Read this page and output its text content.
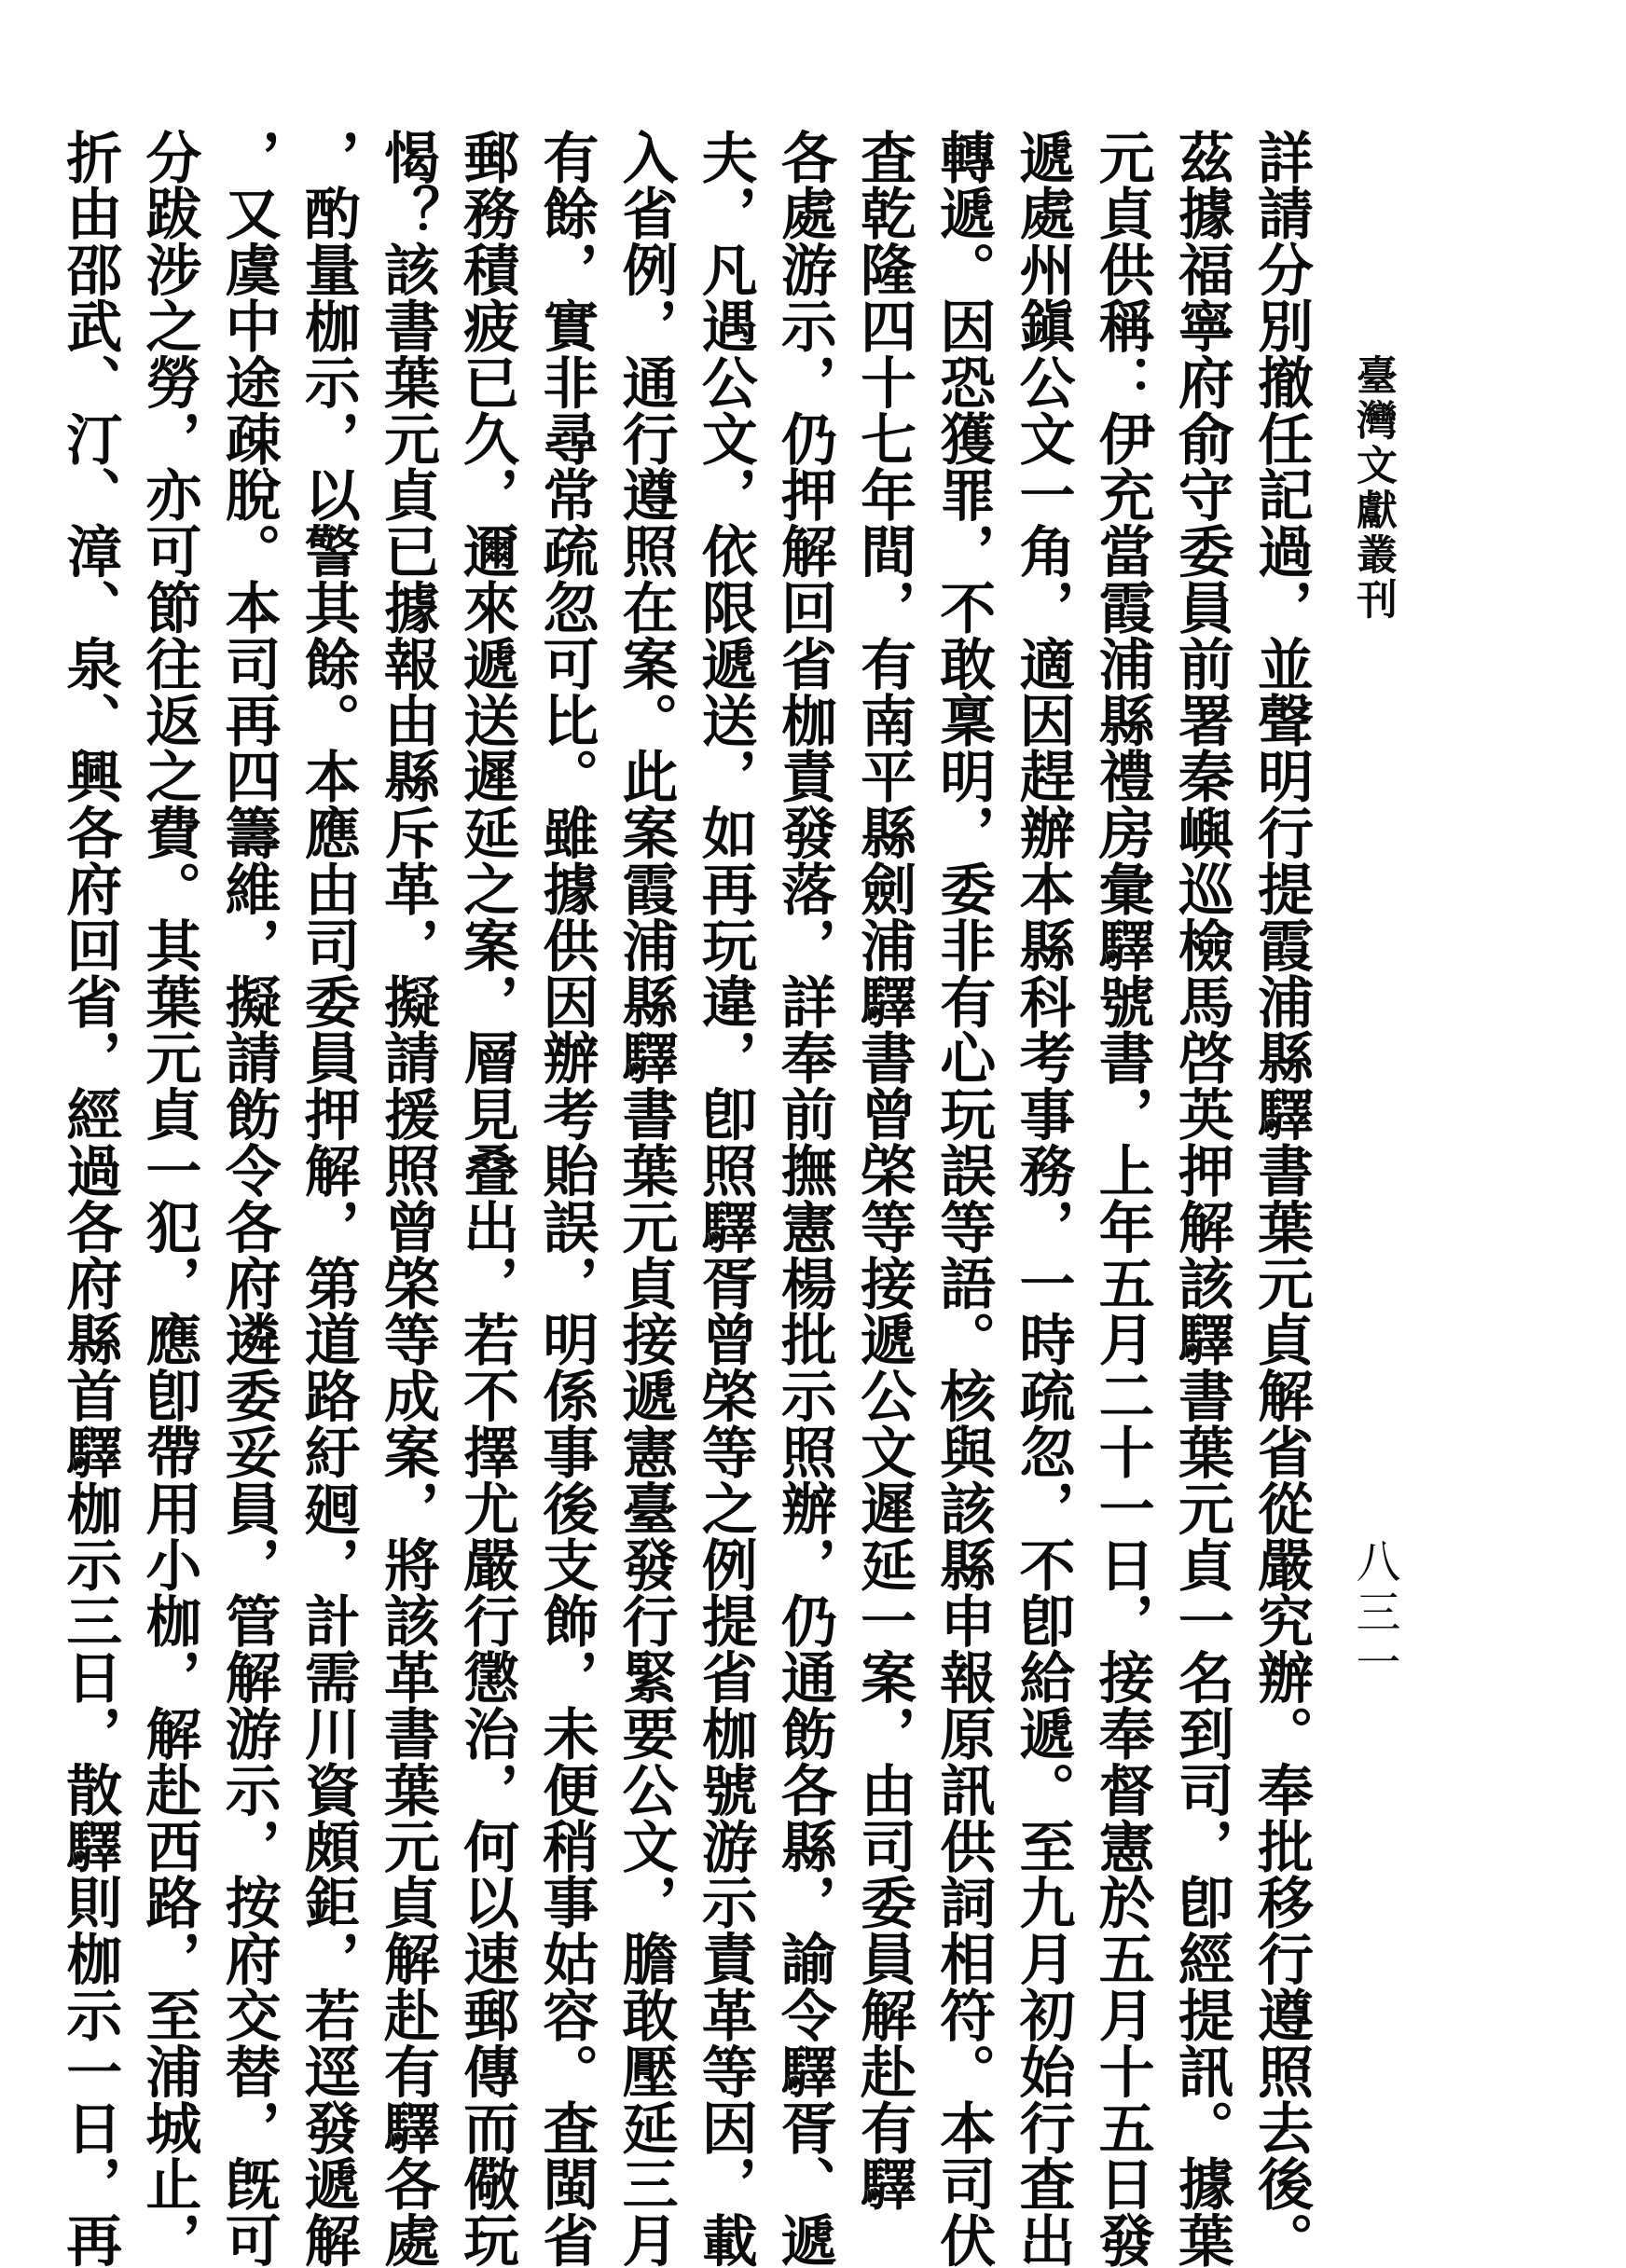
臺灣文獻叢刊
八三一
詳請分別撤任記過，並聲明行提霞浦縣驛書葉元貞解省從嚴究辦。奉批移行遵照去後。
茲據福寧府俞守委員前署秦嶼巡檢馬啓英押解該驛書葉元貞一名到司，卽經提訊。據葉
元貞供稱：伊充當霞浦縣禮房彙驛號書，上年五月二十一日，接奉督憲於五月十五日發
遞處州鎭公文一角，適因趕辦本縣科考事務，一時疏忽，不卽給遞。至九月初始行査出
轉遞。因恐獲罪，不敢稟明，委非有心玩誤等語。核與該縣申報原訊供詞相符。本司伏
査乾隆四十七年間，有南平縣劍浦驛書曾棨等接遞公文遲延一案，由司委員解赴有驛
各處游示，仍押解回省枷責發落，詳奉前撫憲楊批示照辦，仍通飭各縣，諭令驛胥、遞
夫，凡遇公文，依限遞送，如再玩違，卽照驛胥曾棨等之例提省枷號游示責革等因，載
入省例，通行遵照在案。此案霞浦縣驛書葉元貞接遞憲臺發行緊要公文，膽敢壓延三月
有餘，實非尋常疏忽可比。雖據供因辦考貽誤，明係事後支飾，未便稍事姑容。査閩省
郵務積疲已久，邇來遞送遲延之案，層見叠出，若不擇尤嚴行懲治，何以速郵傳而儆玩
愒？該書葉元貞已據報由縣斥革，擬請援照曾棨等成案，將該革書葉元貞解赴有驛各處
，酌量枷示，以警其餘。本應由司委員押解，第道路紆𢌞，計需川資頗鉅，若逕發遞解
，又虞中途疎脫。本司再四籌維，擬請飭令各府遴委妥員，管解游示，按府交替，旣可
分跋涉之勞，亦可節往返之費。其葉元貞一犯，應卽帶用小枷，解赴西路，至浦城止，
折由邵武、汀、漳、泉、興各府回省，經過各府縣首驛枷示三日，散驛則枷示一日，再
